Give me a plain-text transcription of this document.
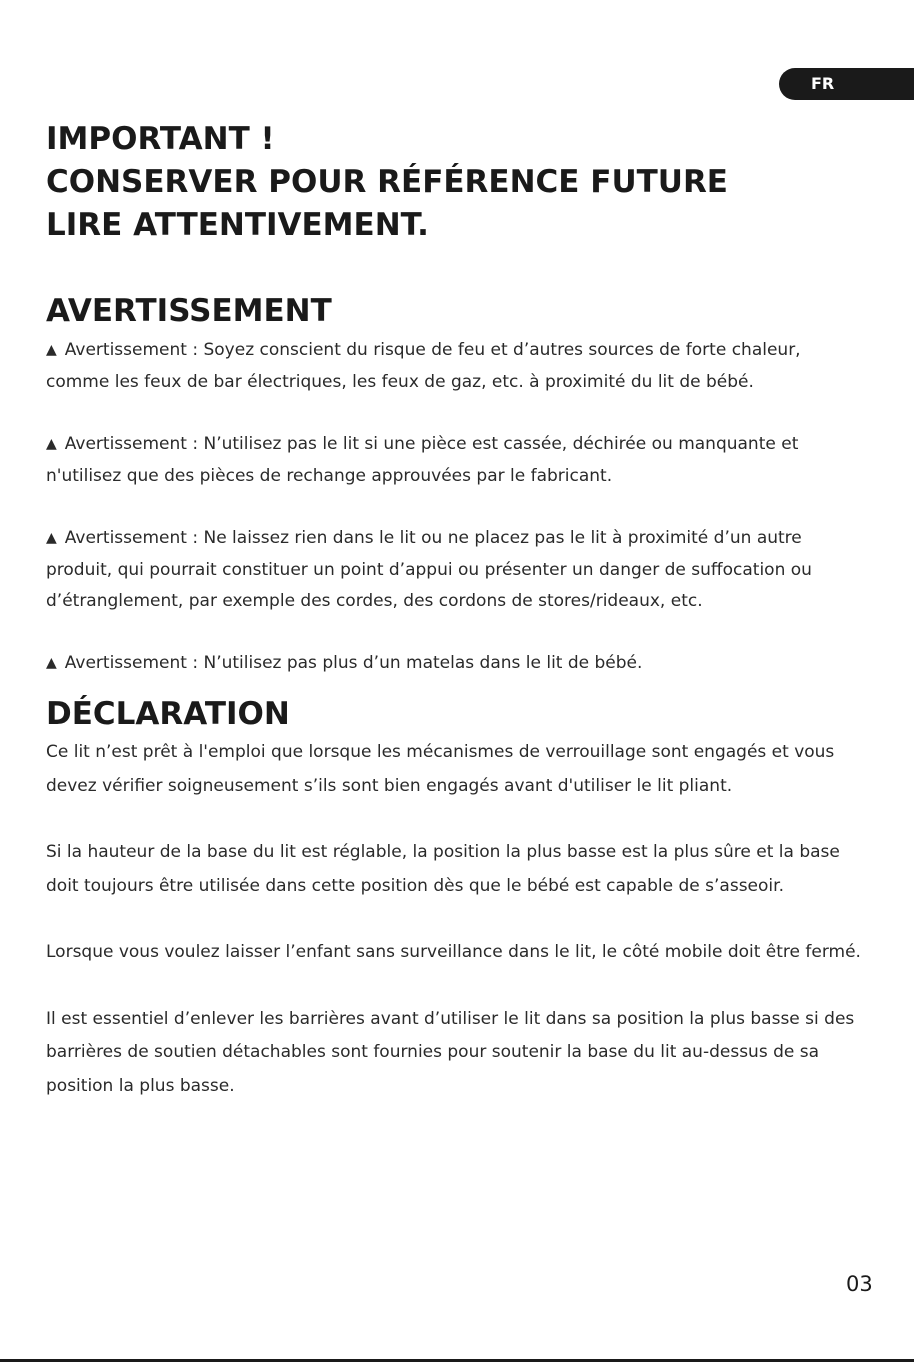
FR
IMPORTANT !
CONSERVER POUR RÉFÉRENCE FUTURE
LIRE ATTENTIVEMENT.
AVERTISSEMENT

▲ Avertissement : Soyez conscient du risque de feu et d’autres sources de forte chaleur, comme les feux de bar électriques, les feux de gaz, etc. à proximité du lit de bébé.

▲ Avertissement : N’utilisez pas le lit si une pièce est cassée, déchirée ou manquante et n'utilisez que des pièces de rechange approuvées par le fabricant.

▲ Avertissement : Ne laissez rien dans le lit ou ne placez pas le lit à proximité d’un autre produit, qui pourrait constituer un point d’appui ou présenter un danger de suffocation ou d’étranglement, par exemple des cordes, des cordons de stores/rideaux, etc.

▲ Avertissement : N’utilisez pas plus d’un matelas dans le lit de bébé.

DÉCLARATION

Ce lit n’est prêt à l'emploi que lorsque les mécanismes de verrouillage sont engagés et vous devez vérifier soigneusement s’ils sont bien engagés avant d'utiliser le lit pliant.

Si la hauteur de la base du lit est réglable, la position la plus basse est la plus sûre et la base doit toujours être utilisée dans cette position dès que le bébé est capable de s’asseoir.

Lorsque vous voulez laisser l’enfant sans surveillance dans le lit, le côté mobile doit être fermé.

Il est essentiel d’enlever les barrières avant d’utiliser le lit dans sa position la plus basse si des barrières de soutien détachables sont fournies pour soutenir la base du lit au-dessus de sa position la plus basse.

03
